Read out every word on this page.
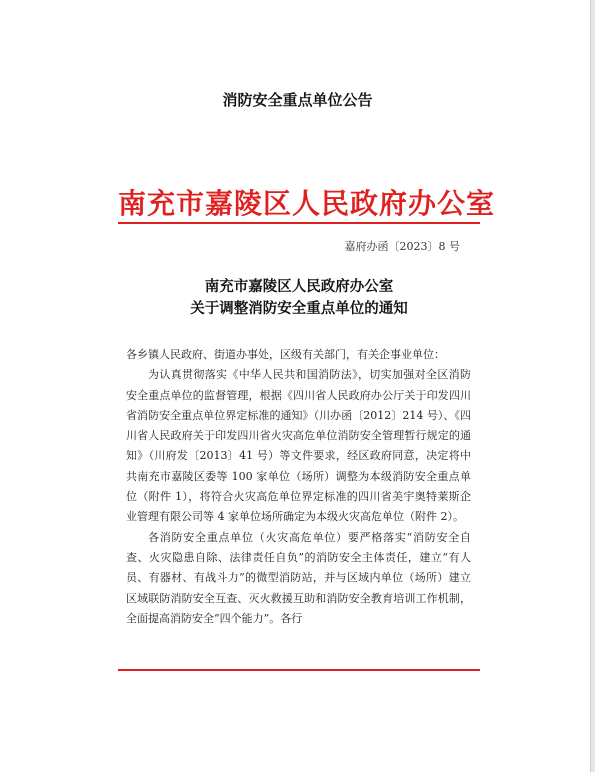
消防安全重点单位公告
南充市嘉陵区人民政府办公室
嘉府办函〔2023〕8 号
南充市嘉陵区人民政府办公室
关于调整消防安全重点单位的通知

各乡镇人民政府、街道办事处，区级有关部门，有关企事业单位：

为认真贯彻落实《中华人民共和国消防法》，切实加强对全区消防安全重点单位的监督管理，根据《四川省人民政府办公厅关于印发四川省消防安全重点单位界定标准的通知》（川办函〔2012〕214 号）、《四川省人民政府关于印发四川省火灾高危单位消防安全管理暂行规定的通知》（川府发〔2013〕41 号）等文件要求，经区政府同意，决定将中共南充市嘉陵区委等 100 家单位（场所）调整为本级消防安全重点单位（附件 1），将符合火灾高危单位界定标准的四川省美宇奥特莱斯企业管理有限公司等 4 家单位场所确定为本级火灾高危单位（附件 2）。

各消防安全重点单位（火灾高危单位）要严格落实“消防安全自查、火灾隐患自除、法律责任自负”的消防安全主体责任，建立“有人员、有器材、有战斗力”的微型消防站，并与区域内单位（场所）建立区域联防消防安全互查、灭火救援互助和消防安全教育培训工作机制，全面提高消防安全“四个能力”。各行
